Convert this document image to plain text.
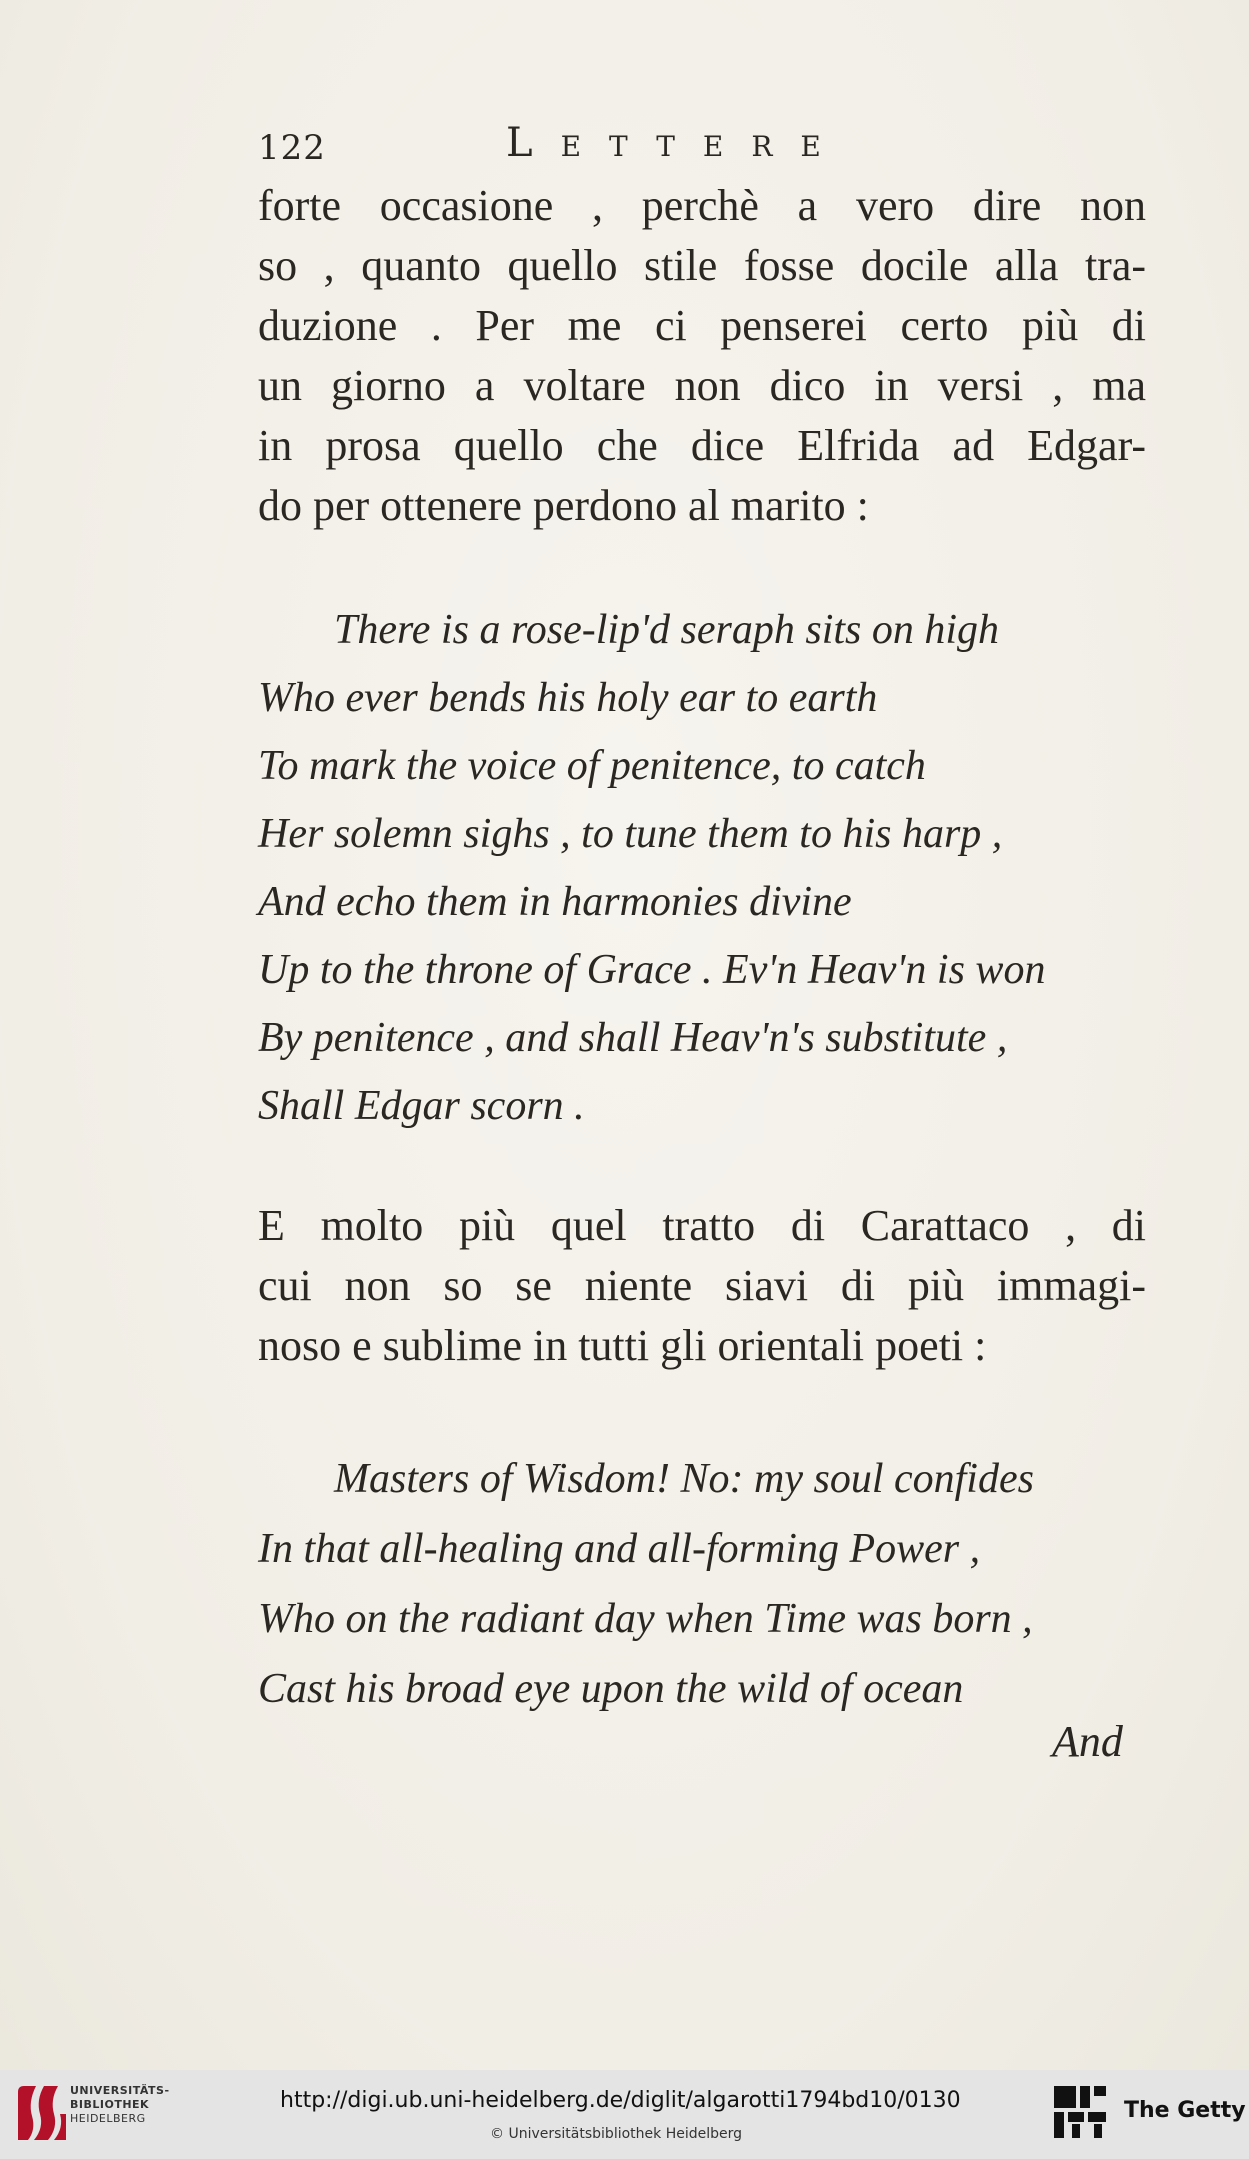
122	Lettere
forte occasione , perchè a vero dire non
so , quanto quello stile fosse docile alla tra-
duzione . Per me ci penserei certo più di
un giorno a voltare non dico in versi , ma
in prosa quello che dice Elfrida ad Edgar-
do per ottenere perdono al marito :
There is a rose-lip'd seraph sits on high
Who ever bends his holy ear to earth
To mark the voice of penitence, to catch
Her solemn sighs , to tune them to his harp ,
And echo them in harmonies divine
Up to the throne of Grace . Ev'n Heav'n is won
By penitence , and shall Heav'n's substitute ,
Shall Edgar scorn .
E molto più quel tratto di Carattaco , di
cui non so se niente siavi di più immagi-
noso e sublime in tutti gli orientali poeti :
Masters of Wisdom! No: my soul confides
In that all-healing and all-forming Power ,
Who on the radiant day when Time was born ,
Cast his broad eye upon the wild of ocean
And
UNIVERSITÄTS-
BIBLIOTHEK
HEIDELBERG
http://digi.ub.uni-heidelberg.de/diglit/algarotti1794bd10/0130
© Universitätsbibliothek Heidelberg
The Getty
